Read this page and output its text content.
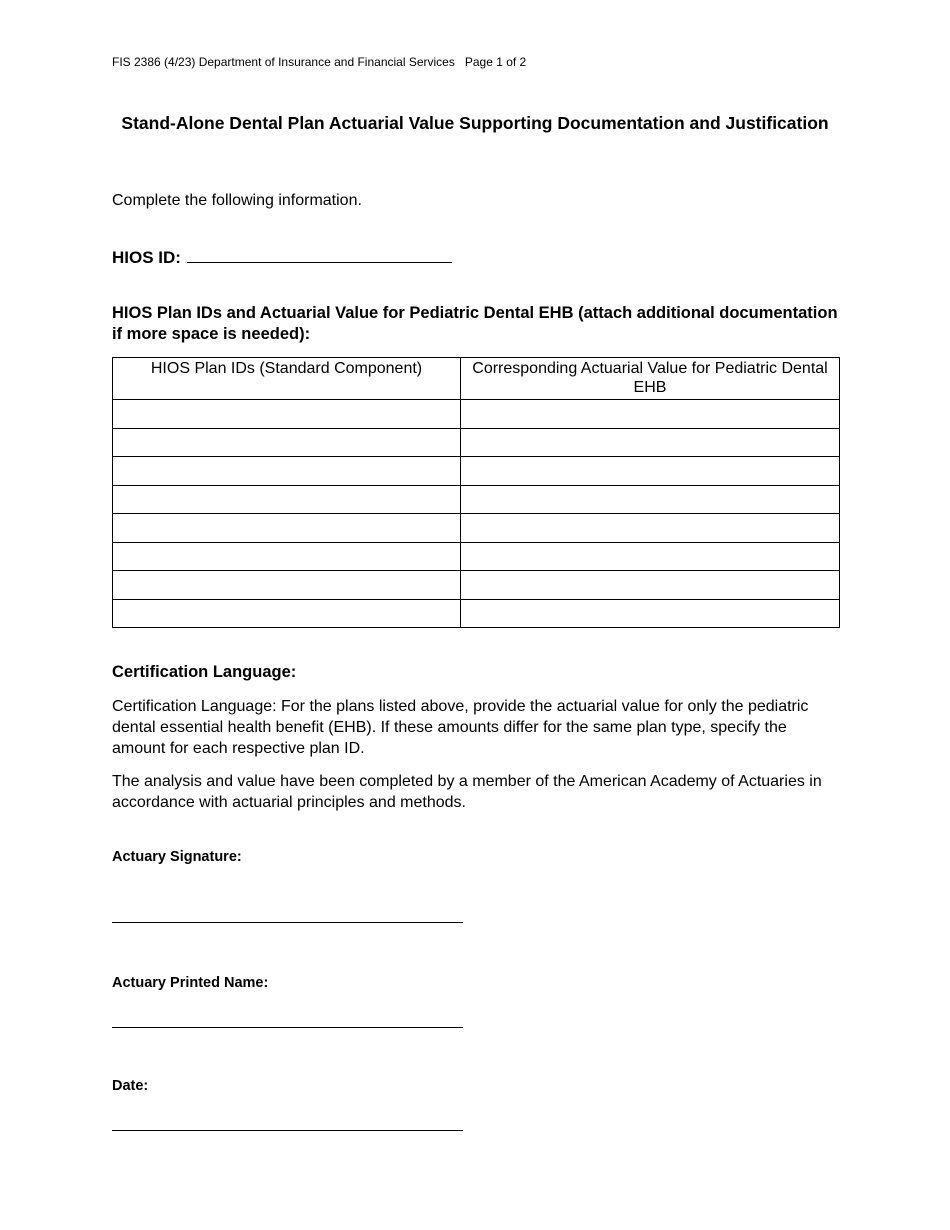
FIS 2386 (4/23) Department of Insurance and Financial Services   Page 1 of 2
Stand-Alone Dental Plan Actuarial Value Supporting Documentation and Justification
Complete the following information.
HIOS ID:
HIOS Plan IDs and Actuarial Value for Pediatric Dental EHB (attach additional documentation if more space is needed):
HIOS Plan IDs (Standard Component)	Corresponding Actuarial Value for Pediatric Dental EHB

Certification Language:
Certification Language: For the plans listed above, provide the actuarial value for only the pediatric dental essential health benefit (EHB). If these amounts differ for the same plan type, specify the amount for each respective plan ID.
The analysis and value have been completed by a member of the American Academy of Actuaries in accordance with actuarial principles and methods.
Actuary Signature:
Actuary Printed Name:
Date:
